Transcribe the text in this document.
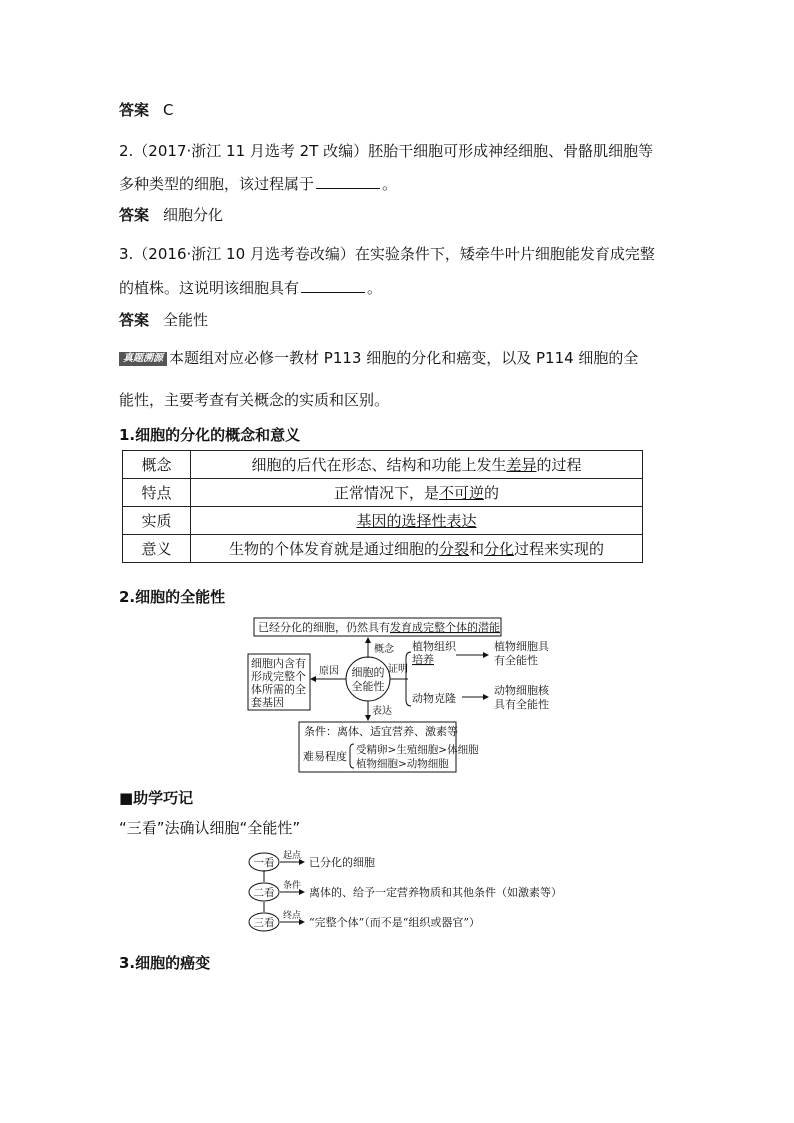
答案 C

2.（2017·浙江 11 月选考 2T 改编）胚胎干细胞可形成神经细胞、骨骼肌细胞等

多种类型的细胞，该过程属于	。

答案 细胞分化

3.（2016·浙江 10 月选考卷改编）在实验条件下，矮牵牛叶片细胞能发育成完整

的植株。这说明该细胞具有	。

答案 全能性

真题溯源 本题组对应必修一教材 P113 细胞的分化和癌变，以及 P114 细胞的全

能性，主要考查有关概念的实质和区别。

1.细胞的分化的概念和意义

概念	细胞的后代在形态、结构和功能上发生差异的过程
特点	正常情况下，是不可逆的
实质	基因的选择性表达
意义	生物的个体发育就是通过细胞的分裂和分化过程来实现的

2.细胞的全能性

已经分化的细胞，仍然具有发育成完整个体的潜能
概念
细胞的
全能性
原因
细胞内含有
形成完整个
体所需的全
套基因
证明
植物组织
培养
植物细胞具
有全能性
动物克隆
动物细胞核
具有全能性
表达
条件：离体、适宜营养、激素等
难易程度 受精卵>生殖细胞>体细胞
植物细胞>动物细胞

■助学巧记

“三看”法确认细胞“全能性”

一看
起点 已分化的细胞
二看
条件 离体的、给予一定营养物质和其他条件（如激素等）
三看
终点 “完整个体”（而不是“组织或器官”）

3.细胞的癌变
